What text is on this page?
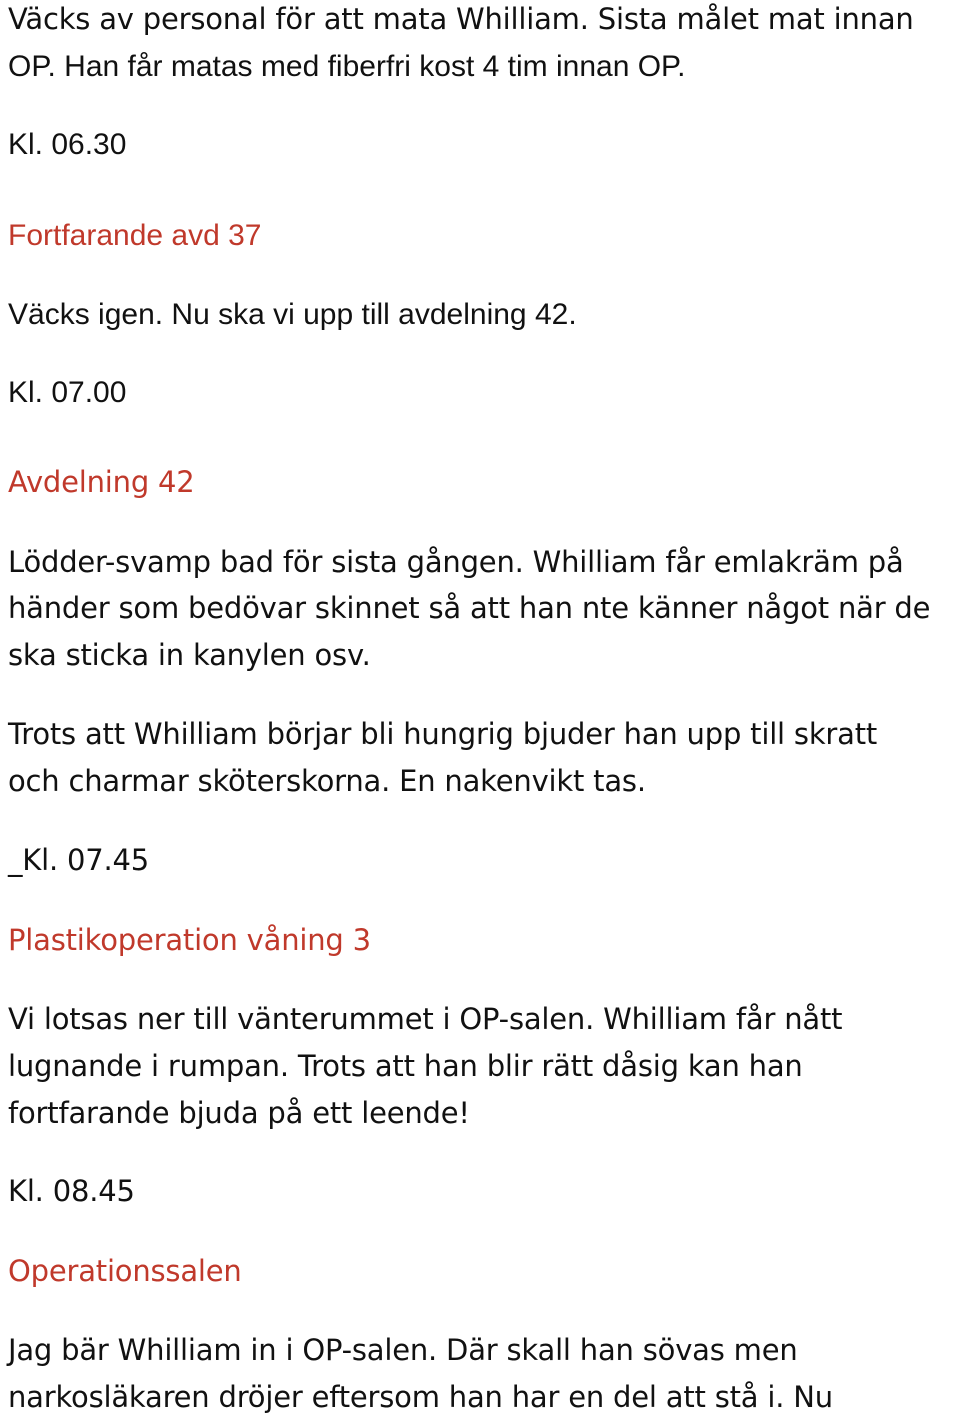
Väcks av personal för att mata Whilliam. Sista målet mat innan
OP. Han får matas med fiberfri kost 4 tim innan OP.
Kl. 06.30
Fortfarande avd 37
Väcks igen. Nu ska vi upp till avdelning 42.
Kl. 07.00
Avdelning 42
Lödder-svamp bad för sista gången. Whilliam får emlakräm på
händer som bedövar skinnet så att han nte känner något när de
ska sticka in kanylen osv.
Trots att Whilliam börjar bli hungrig bjuder han upp till skratt
och charmar sköterskorna. En nakenvikt tas.
_Kl. 07.45
Plastikoperation våning 3
Vi lotsas ner till vänterummet i OP-salen. Whilliam får nått
lugnande i rumpan. Trots att han blir rätt dåsig kan han
fortfarande bjuda på ett leende!
Kl. 08.45
Operationssalen
Jag bär Whilliam in i OP-salen. Där skall han sövas men
narkosläkaren dröjer eftersom han har en del att stå i. Nu
